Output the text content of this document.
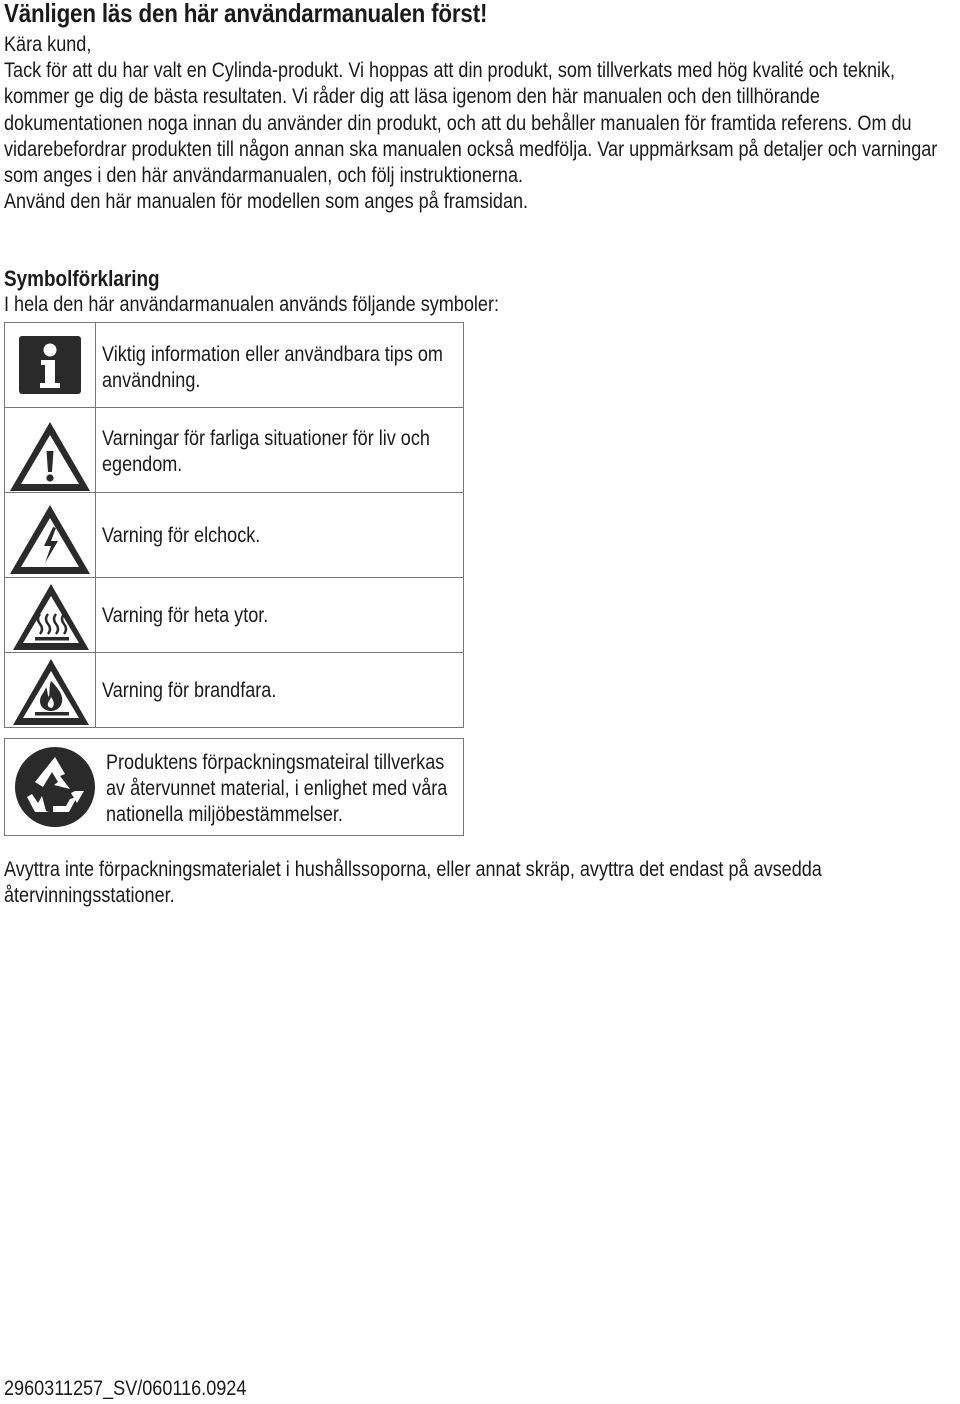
Vänligen läs den här användarmanualen först!

Kära kund,

Tack för att du har valt en Cylinda-produkt. Vi hoppas att din produkt, som tillverkats med hög kvalité och teknik, kommer ge dig de bästa resultaten. Vi råder dig att läsa igenom den här manualen och den tillhörande dokumentationen noga innan du använder din produkt, och att du behåller manualen för framtida referens. Om du vidarebefordrar produkten till någon annan ska manualen också medfölja. Var uppmärksam på detaljer och varningar som anges i den här användarmanualen, och följ instruktionerna.

Använd den här manualen för modellen som anges på framsidan.

Symbolförklaring

I hela den här användarmanualen används följande symboler:

Viktig information eller användbara tips om användning.
Varningar för farliga situationer för liv och egendom.
Varning för elchock.
Varning för heta ytor.
Varning för brandfara.
Produktens förpackningsmateiral tillverkas av återvunnet material, i enlighet med våra nationella miljöbestämmelser.

Avyttra inte förpackningsmaterialet i hushållssoporna, eller annat skräp, avyttra det endast på avsedda återvinningsstationer.

2960311257_SV/060116.0924
